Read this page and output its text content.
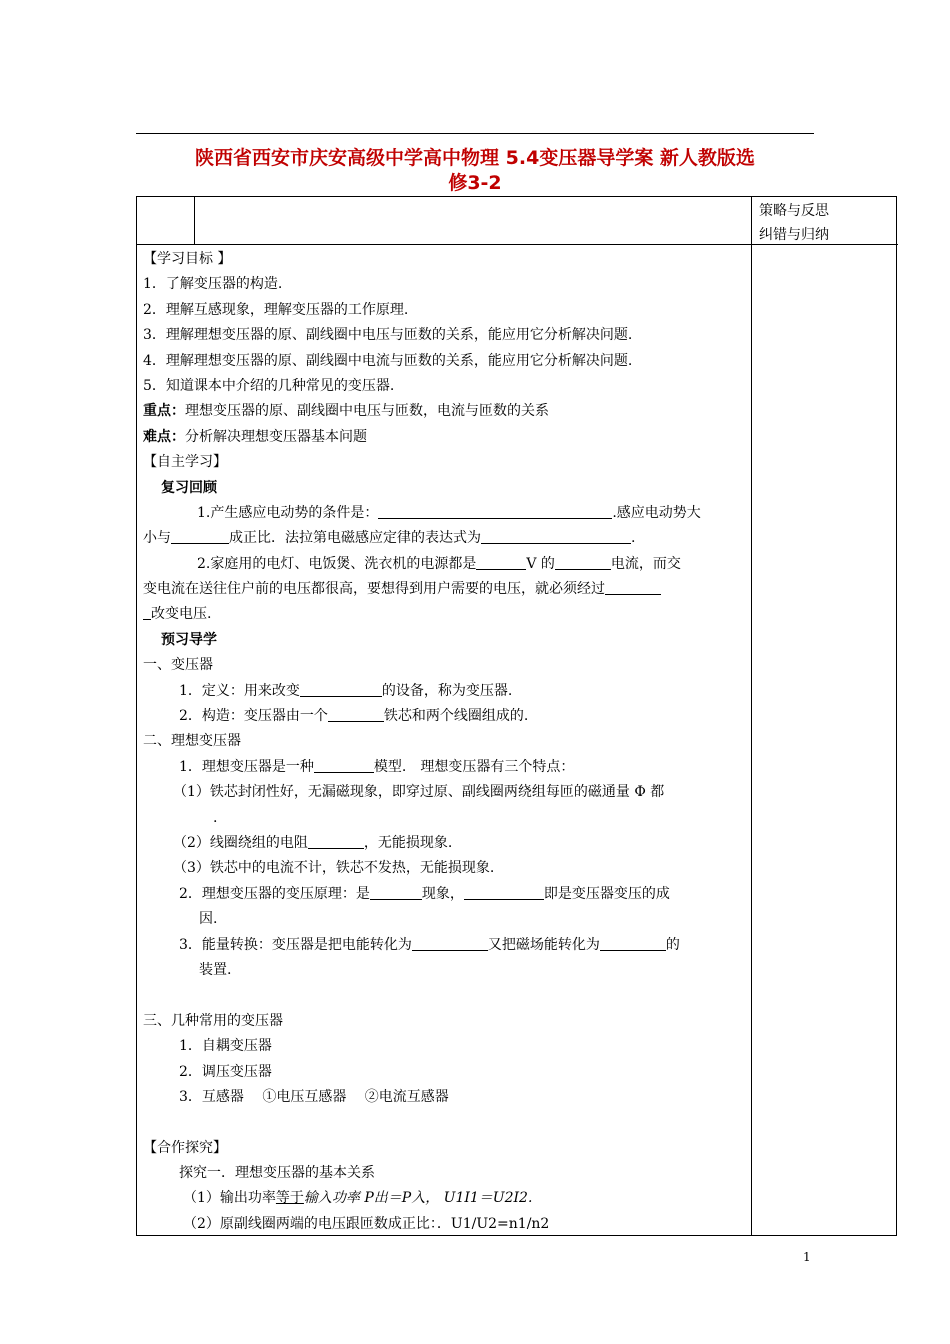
陕西省西安市庆安高级中学高中物理 5.4变压器导学案 新人教版选
修3-2
策略与反思
纠错与归纳
【学习目标 】
1．了解变压器的构造.
2．理解互感现象，理解变压器的工作原理.
3．理解理想变压器的原、副线圈中电压与匝数的关系，能应用它分析解决问题.
4．理解理想变压器的原、副线圈中电流与匝数的关系，能应用它分析解决问题.
5．知道课本中介绍的几种常见的变压器.
重点：理想变压器的原、副线圈中电压与匝数，电流与匝数的关系
难点：分析解决理想变压器基本问题
【自主学习】
复习回顾
1.产生感应电动势的条件是：	.感应电动势大
小与	成正比．法拉第电磁感应定律的表达式为	.
2.家庭用的电灯、电饭煲、洗衣机的电源都是	V 的	电流，而交
变电流在送往住户前的电压都很高，要想得到用户需要的电压，就必须经过
改变电压.
预习导学
一、变压器
1．定义：用来改变	的设备，称为变压器.
2．构造：变压器由一个	铁芯和两个线圈组成的.
二、理想变压器
1．理想变压器是一种	模型.　理想变压器有三个特点：
（1）铁芯封闭性好，无漏磁现象，即穿过原、副线圈两绕组每匝的磁通量 Φ 都
.
（2）线圈绕组的电阻	，无能损现象.
（3）铁芯中的电流不计，铁芯不发热，无能损现象.
2．理想变压器的变压原理：是	现象，	即是变压器变压的成
因.
3．能量转换：变压器是把电能转化为	又把磁场能转化为	的
装置.
三、几种常用的变压器
1．自耦变压器
2．调压变压器
3．互感器　 ①电压互感器　 ②电流互感器
【合作探究】
探究一．理想变压器的基本关系
（1）输出功率等于输入功率 P出＝P入， U1I1＝U2I2.
（2）原副线圈两端的电压跟匝数成正比：．U1/U2=n1/n2
1
